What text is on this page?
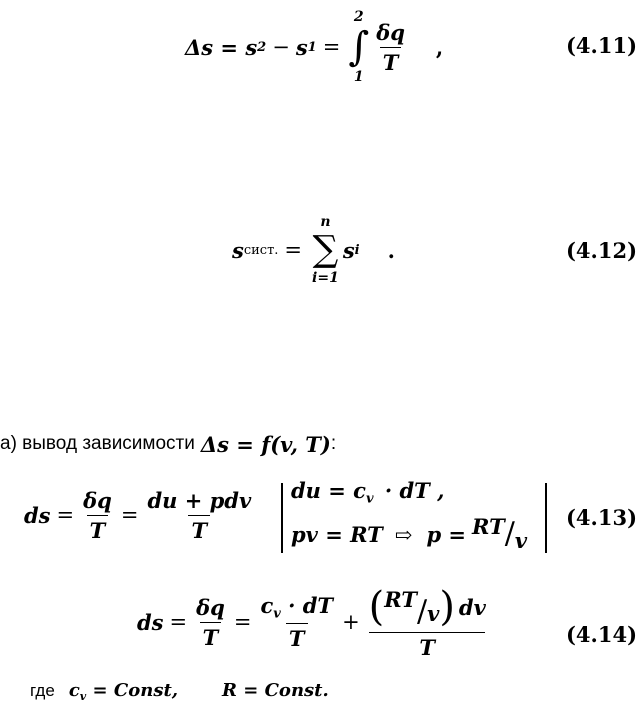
Δs = s 2 − s 1 =
2
∫
1
$\frac{\delta q}{T}$ ,	(4.11)
s сист. =
n
∑
i=1
s i .	(4.12)
а) вывод зависимости Δs = f(v, T) :
ds = $\frac{\delta q}{T} = \frac{\text{du + pdv}}{T}$ du = $c_v$ · dT ,
pv = RT ⇨ p = RT / v
(4.13)
ds = $\frac{\delta q}{T} = \frac{c_v \cdot dT}{T} + \frac{( RT / v ) dv}{T}$	(4.14)
где $c_v$ = Const, R = Const.
